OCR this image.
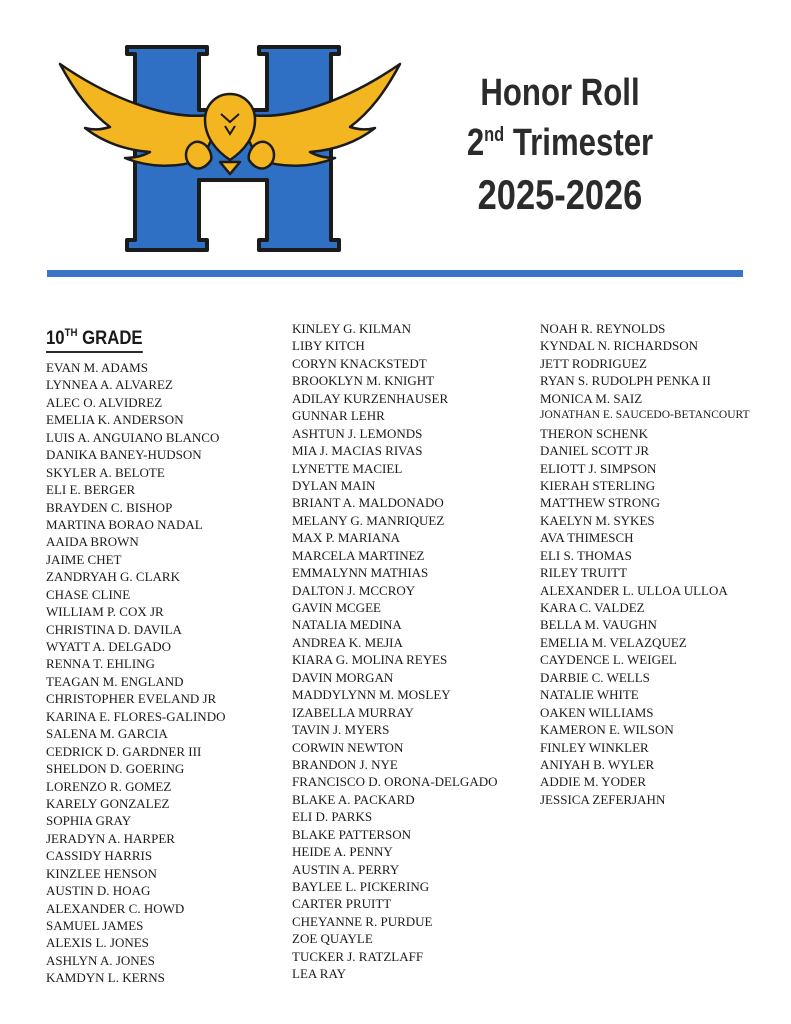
Honor Roll
2nd Trimester
2025-2026
10TH GRADE
EVAN M. ADAMS
LYNNEA A. ALVAREZ
ALEC O. ALVIDREZ
EMELIA K. ANDERSON
LUIS A. ANGUIANO BLANCO
DANIKA BANEY-HUDSON
SKYLER A. BELOTE
ELI E. BERGER
BRAYDEN C. BISHOP
MARTINA BORAO NADAL
AAIDA BROWN
JAIME CHET
ZANDRYAH G. CLARK
CHASE CLINE
WILLIAM P. COX JR
CHRISTINA D. DAVILA
WYATT A. DELGADO
RENNA T. EHLING
TEAGAN M. ENGLAND
CHRISTOPHER EVELAND JR
KARINA E. FLORES-GALINDO
SALENA M. GARCIA
CEDRICK D. GARDNER III
SHELDON D. GOERING
LORENZO R. GOMEZ
KARELY GONZALEZ
SOPHIA GRAY
JERADYN A. HARPER
CASSIDY HARRIS
KINZLEE HENSON
AUSTIN D. HOAG
ALEXANDER C. HOWD
SAMUEL JAMES
ALEXIS L. JONES
ASHLYN A. JONES
KAMDYN L. KERNS
KINLEY G. KILMAN
LIBY KITCH
CORYN KNACKSTEDT
BROOKLYN M. KNIGHT
ADILAY KURZENHAUSER
GUNNAR LEHR
ASHTUN J. LEMONDS
MIA J. MACIAS RIVAS
LYNETTE MACIEL
DYLAN MAIN
BRIANT A. MALDONADO
MELANY G. MANRIQUEZ
MAX P. MARIANA
MARCELA MARTINEZ
EMMALYNN MATHIAS
DALTON J. MCCROY
GAVIN MCGEE
NATALIA MEDINA
ANDREA K. MEJIA
KIARA G. MOLINA REYES
DAVIN MORGAN
MADDYLYNN M. MOSLEY
IZABELLA MURRAY
TAVIN J. MYERS
CORWIN NEWTON
BRANDON J. NYE
FRANCISCO D. ORONA-DELGADO
BLAKE A. PACKARD
ELI D. PARKS
BLAKE PATTERSON
HEIDE A. PENNY
AUSTIN A. PERRY
BAYLEE L. PICKERING
CARTER PRUITT
CHEYANNE R. PURDUE
ZOE QUAYLE
TUCKER J. RATZLAFF
LEA RAY
NOAH R. REYNOLDS
KYNDAL N. RICHARDSON
JETT RODRIGUEZ
RYAN S. RUDOLPH PENKA II
MONICA M. SAIZ
JONATHAN E. SAUCEDO-BETANCOURT
THERON SCHENK
DANIEL SCOTT JR
ELIOTT J. SIMPSON
KIERAH STERLING
MATTHEW STRONG
KAELYN M. SYKES
AVA THIMESCH
ELI S. THOMAS
RILEY TRUITT
ALEXANDER L. ULLOA ULLOA
KARA C. VALDEZ
BELLA M. VAUGHN
EMELIA M. VELAZQUEZ
CAYDENCE L. WEIGEL
DARBIE C. WELLS
NATALIE WHITE
OAKEN WILLIAMS
KAMERON E. WILSON
FINLEY WINKLER
ANIYAH B. WYLER
ADDIE M. YODER
JESSICA ZEFERJAHN
